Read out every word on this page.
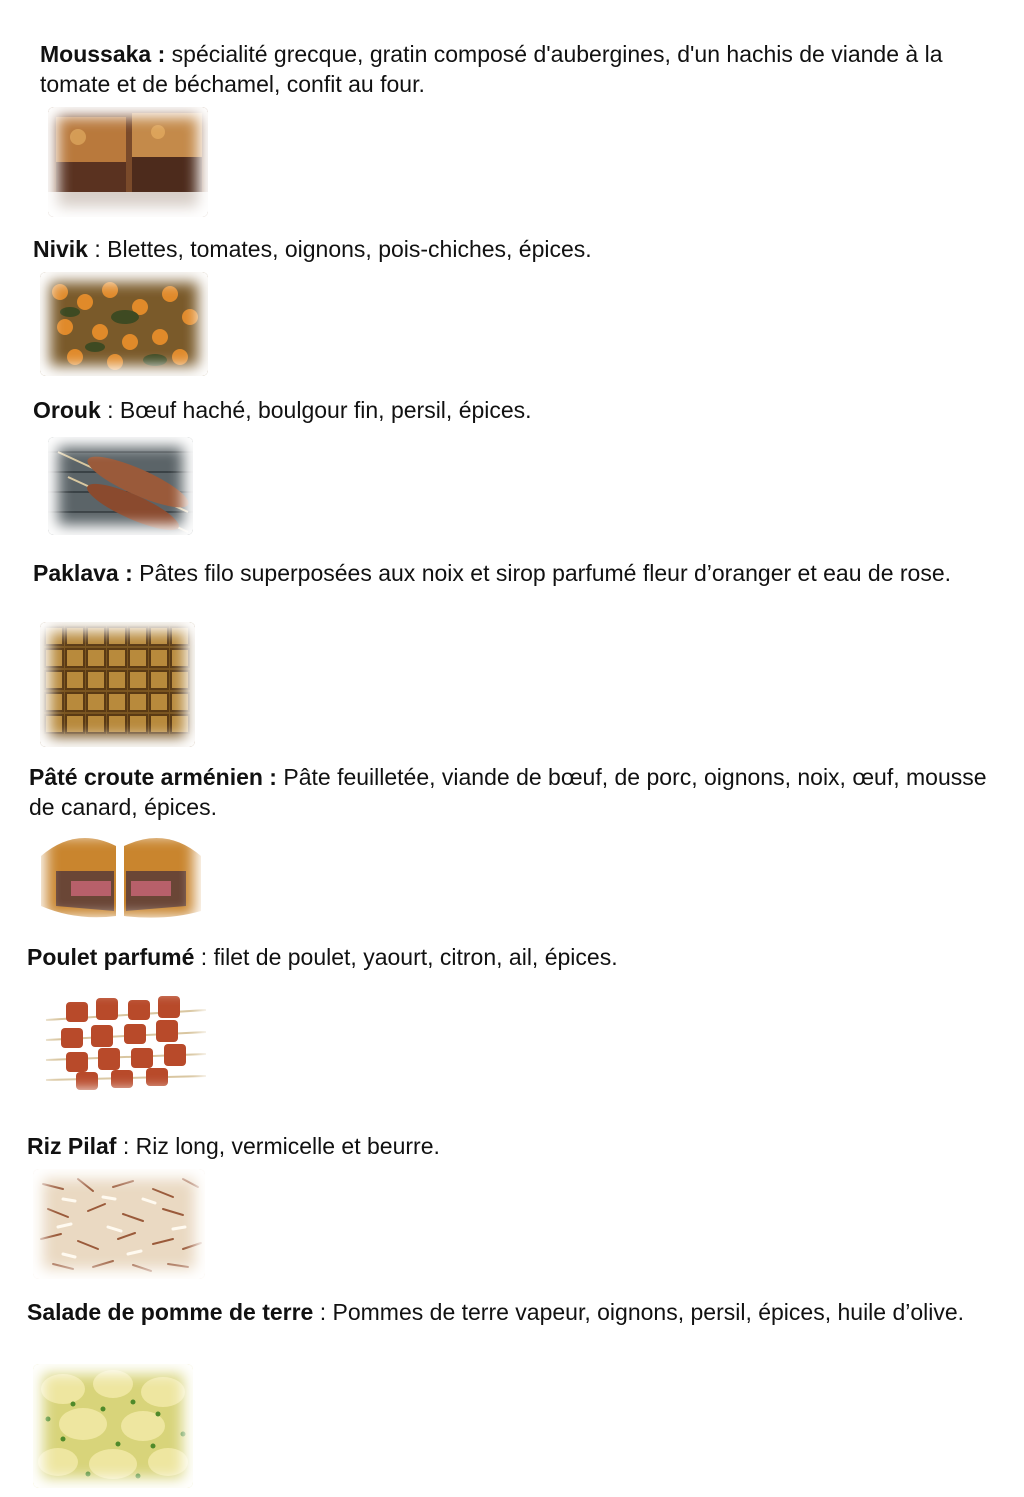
Moussaka : spécialité grecque, gratin composé d'aubergines, d'un hachis de viande à la tomate et de béchamel, confit au four.

Nivik : Blettes, tomates, oignons, pois-chiches, épices.

Orouk : Bœuf haché, boulgour fin, persil, épices.

Paklava : Pâtes filo superposées aux noix et sirop parfumé fleur d’oranger et eau de rose.

Pâté croute arménien : Pâte feuilletée, viande de bœuf, de porc, oignons, noix, œuf, mousse de canard, épices.

Poulet parfumé : filet de poulet, yaourt, citron, ail, épices.

Riz Pilaf : Riz long, vermicelle et beurre.

Salade de pomme de terre : Pommes de terre vapeur, oignons, persil, épices, huile d’olive.
